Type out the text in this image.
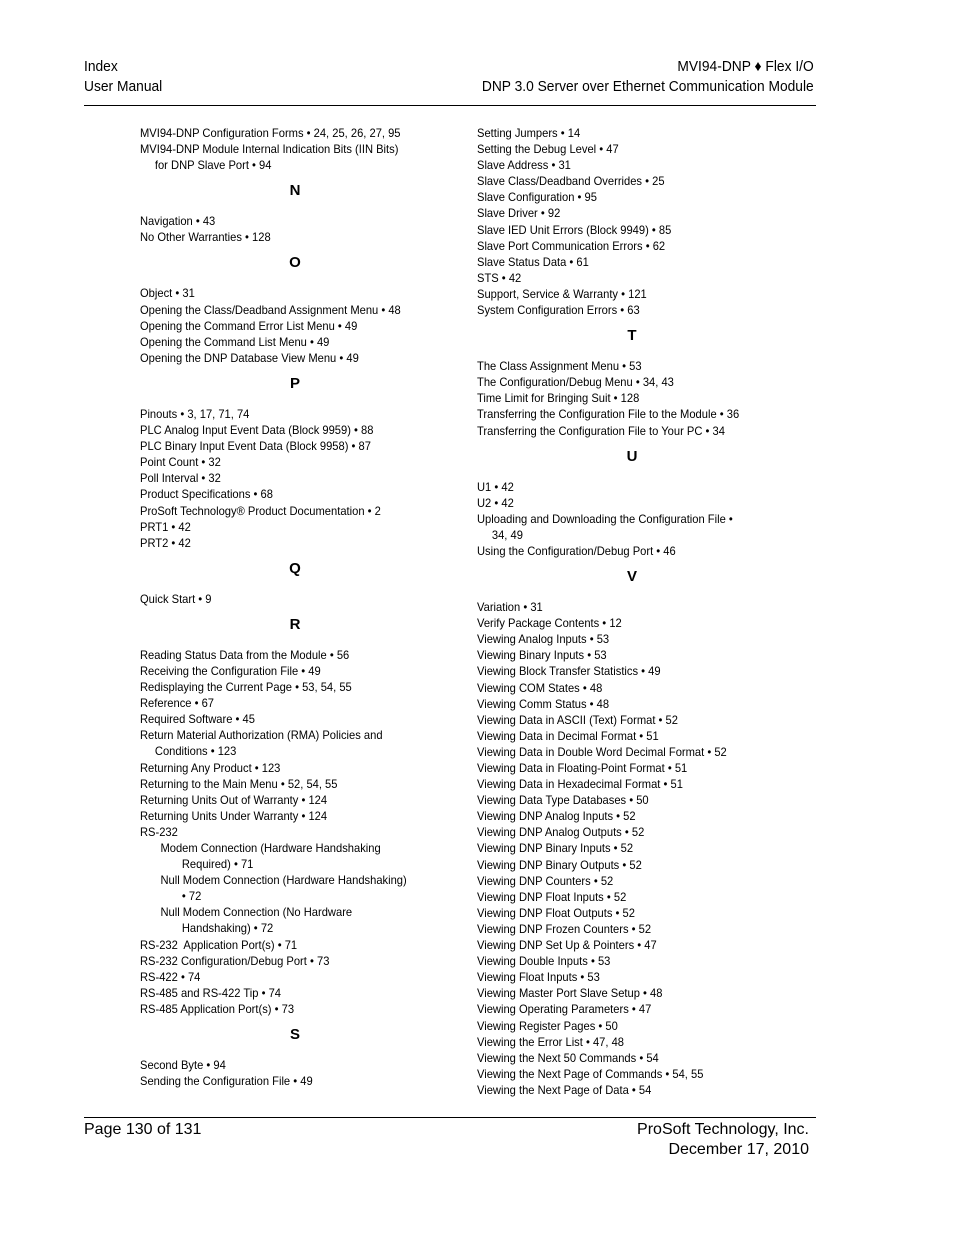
Index
User Manual
MVI94-DNP ♦ Flex I/O
DNP 3.0 Server over Ethernet Communication Module
MVI94-DNP Configuration Forms • 24, 25, 26, 27, 95
MVI94-DNP Module Internal Indication Bits (IIN Bits)
for DNP Slave Port • 94
N
Navigation • 43
No Other Warranties • 128
O
Object • 31
Opening the Class/Deadband Assignment Menu • 48
Opening the Command Error List Menu • 49
Opening the Command List Menu • 49
Opening the DNP Database View Menu • 49
P
Pinouts • 3, 17, 71, 74
PLC Analog Input Event Data (Block 9959) • 88
PLC Binary Input Event Data (Block 9958) • 87
Point Count • 32
Poll Interval • 32
Product Specifications • 68
ProSoft Technology® Product Documentation • 2
PRT1 • 42
PRT2 • 42
Q
Quick Start • 9
R
Reading Status Data from the Module • 56
Receiving the Configuration File • 49
Redisplaying the Current Page • 53, 54, 55
Reference • 67
Required Software • 45
Return Material Authorization (RMA) Policies and
Conditions • 123
Returning Any Product • 123
Returning to the Main Menu • 52, 54, 55
Returning Units Out of Warranty • 124
Returning Units Under Warranty • 124
RS-232
Modem Connection (Hardware Handshaking
Required) • 71
Null Modem Connection (Hardware Handshaking)
• 72
Null Modem Connection (No Hardware
Handshaking) • 72
RS-232  Application Port(s) • 71
RS-232 Configuration/Debug Port • 73
RS-422 • 74
RS-485 and RS-422 Tip • 74
RS-485 Application Port(s) • 73
S
Second Byte • 94
Sending the Configuration File • 49
Setting Jumpers • 14
Setting the Debug Level • 47
Slave Address • 31
Slave Class/Deadband Overrides • 25
Slave Configuration • 95
Slave Driver • 92
Slave IED Unit Errors (Block 9949) • 85
Slave Port Communication Errors • 62
Slave Status Data • 61
STS • 42
Support, Service & Warranty • 121
System Configuration Errors • 63
T
The Class Assignment Menu • 53
The Configuration/Debug Menu • 34, 43
Time Limit for Bringing Suit • 128
Transferring the Configuration File to the Module • 36
Transferring the Configuration File to Your PC • 34
U
U1 • 42
U2 • 42
Uploading and Downloading the Configuration File •
34, 49
Using the Configuration/Debug Port • 46
V
Variation • 31
Verify Package Contents • 12
Viewing Analog Inputs • 53
Viewing Binary Inputs • 53
Viewing Block Transfer Statistics • 49
Viewing COM States • 48
Viewing Comm Status • 48
Viewing Data in ASCII (Text) Format • 52
Viewing Data in Decimal Format • 51
Viewing Data in Double Word Decimal Format • 52
Viewing Data in Floating-Point Format • 51
Viewing Data in Hexadecimal Format • 51
Viewing Data Type Databases • 50
Viewing DNP Analog Inputs • 52
Viewing DNP Analog Outputs • 52
Viewing DNP Binary Inputs • 52
Viewing DNP Binary Outputs • 52
Viewing DNP Counters • 52
Viewing DNP Float Inputs • 52
Viewing DNP Float Outputs • 52
Viewing DNP Frozen Counters • 52
Viewing DNP Set Up & Pointers • 47
Viewing Double Inputs • 53
Viewing Float Inputs • 53
Viewing Master Port Slave Setup • 48
Viewing Operating Parameters • 47
Viewing Register Pages • 50
Viewing the Error List • 47, 48
Viewing the Next 50 Commands • 54
Viewing the Next Page of Commands • 54, 55
Viewing the Next Page of Data • 54
Page 130 of 131	ProSoft Technology, Inc.
December 17, 2010
